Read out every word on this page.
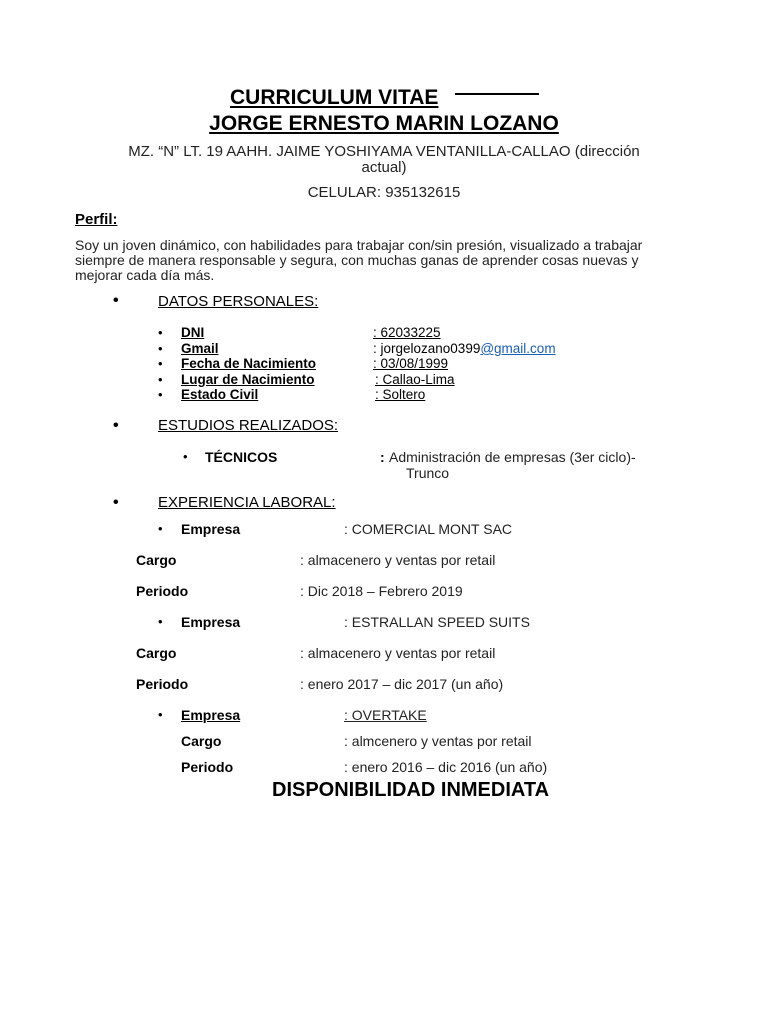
CURRICULUM VITAE
JORGE ERNESTO MARIN LOZANO
MZ. “N” LT. 19 AAHH. JAIME YOSHIYAMA VENTANILLA-CALLAO (dirección
actual)
CELULAR: 935132615
Perfil:
Soy un joven dinámico, con habilidades para trabajar con/sin presión, visualizado a trabajar siempre de manera responsable y segura, con muchas ganas de aprender cosas nuevas y mejorar cada día más.
•	DATOS PERSONALES:
• DNI	: 62033225
• Gmail	: jorgelozano0399@gmail.com
• Fecha de Nacimiento	: 03/08/1999
• Lugar de Nacimiento	: Callao-Lima
• Estado Civil	: Soltero
•	ESTUDIOS REALIZADOS:
• TÉCNICOS	: Administración de empresas (3er ciclo)-
Trunco
•	EXPERIENCIA LABORAL:
• Empresa	: COMERCIAL MONT SAC
Cargo	: almacenero y ventas por retail
Periodo	: Dic 2018 – Febrero 2019
• Empresa	: ESTRALLAN SPEED SUITS
Cargo	: almacenero y ventas por retail
Periodo	: enero 2017 – dic 2017 (un año)
• Empresa	: OVERTAKE
Cargo	: almcenero y ventas por retail
Periodo	: enero 2016 – dic 2016 (un año)
DISPONIBILIDAD INMEDIATA
